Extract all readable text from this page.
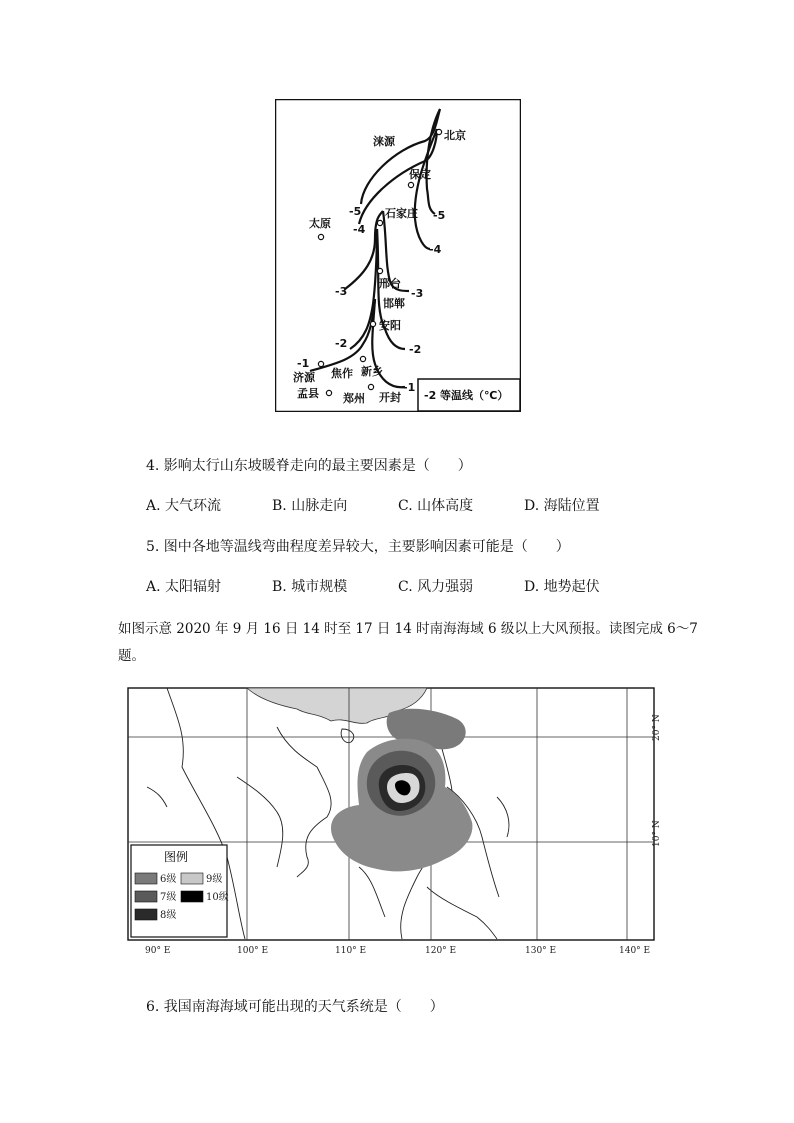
涞源	北京
保定
太原
石家庄
邢台
邯郸
安阳
济源 焦作 新乡
孟县 郑州 开封
-5
-4
-5
-4
-3	-3
-2	-2
-1
-1
-2 等温线（℃）
4. 影响太行山东坡暖脊走向的最主要因素是（　　）
A. 大气环流	B. 山脉走向	C. 山体高度	D. 海陆位置
5. 图中各地等温线弯曲程度差异较大，主要影响因素可能是（　　）
A. 太阳辐射	B. 城市规模	C. 风力强弱	D. 地势起伏
如图示意 2020 年 9 月 16 日 14 时至 17 日 14 时南海海域 6 级以上大风预报。读图完成 6～7
题。
图例
6级	9级
7级	10级
8级
90° E	100° E	110° E	120° E	130° E	140° E
20° N
10° N
6. 我国南海海域可能出现的天气系统是（　　）
